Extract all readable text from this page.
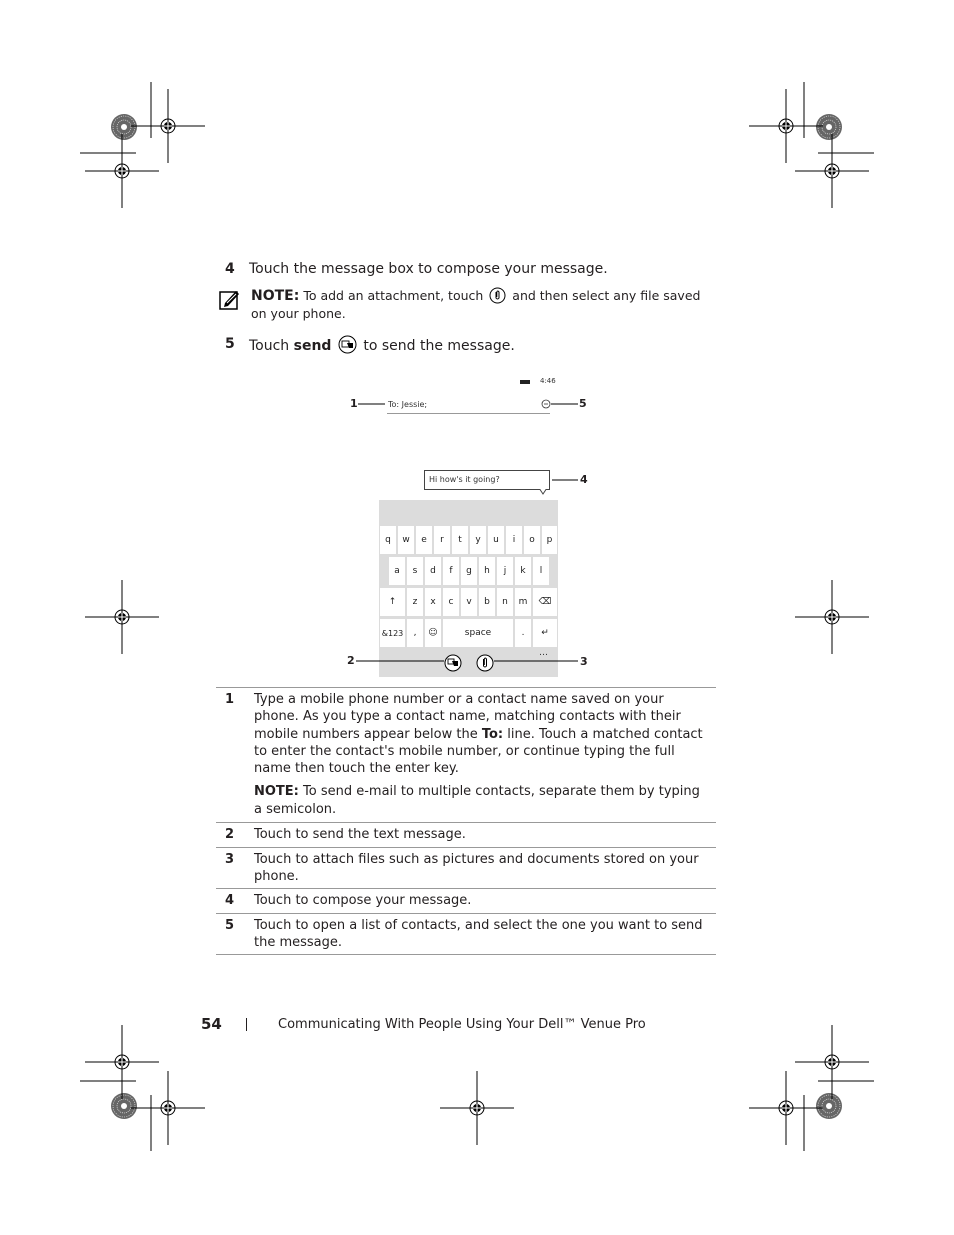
4 Touch the message box to compose your message.
NOTE: To add an attachment, touch  and then select any file saved on your phone.
5 Touch send  to send the message.
4:46
To: Jessie;
Hi how's it going?
q	w	e	r	t	y	u	i	o	p
a	s	d	f	g	h	j	k	l
↑	z	x	c	v	b	n	m	⌫
&123	,	☺	space	.	↵
…
1
2	3
4
5
1 Type a mobile phone number or a contact name saved on your phone. As you type a contact name, matching contacts with their mobile numbers appear below the To: line. Touch a matched contact to enter the contact's mobile number, or continue typing the full name then touch the enter key.
NOTE: To send e-mail to multiple contacts, separate them by typing a semicolon.
2 Touch to send the text message.
3 Touch to attach files such as pictures and documents stored on your phone.
4 Touch to compose your message.
5 Touch to open a list of contacts, and select the one you want to send the message.
54	Communicating With People Using Your Dell™ Venue Pro
